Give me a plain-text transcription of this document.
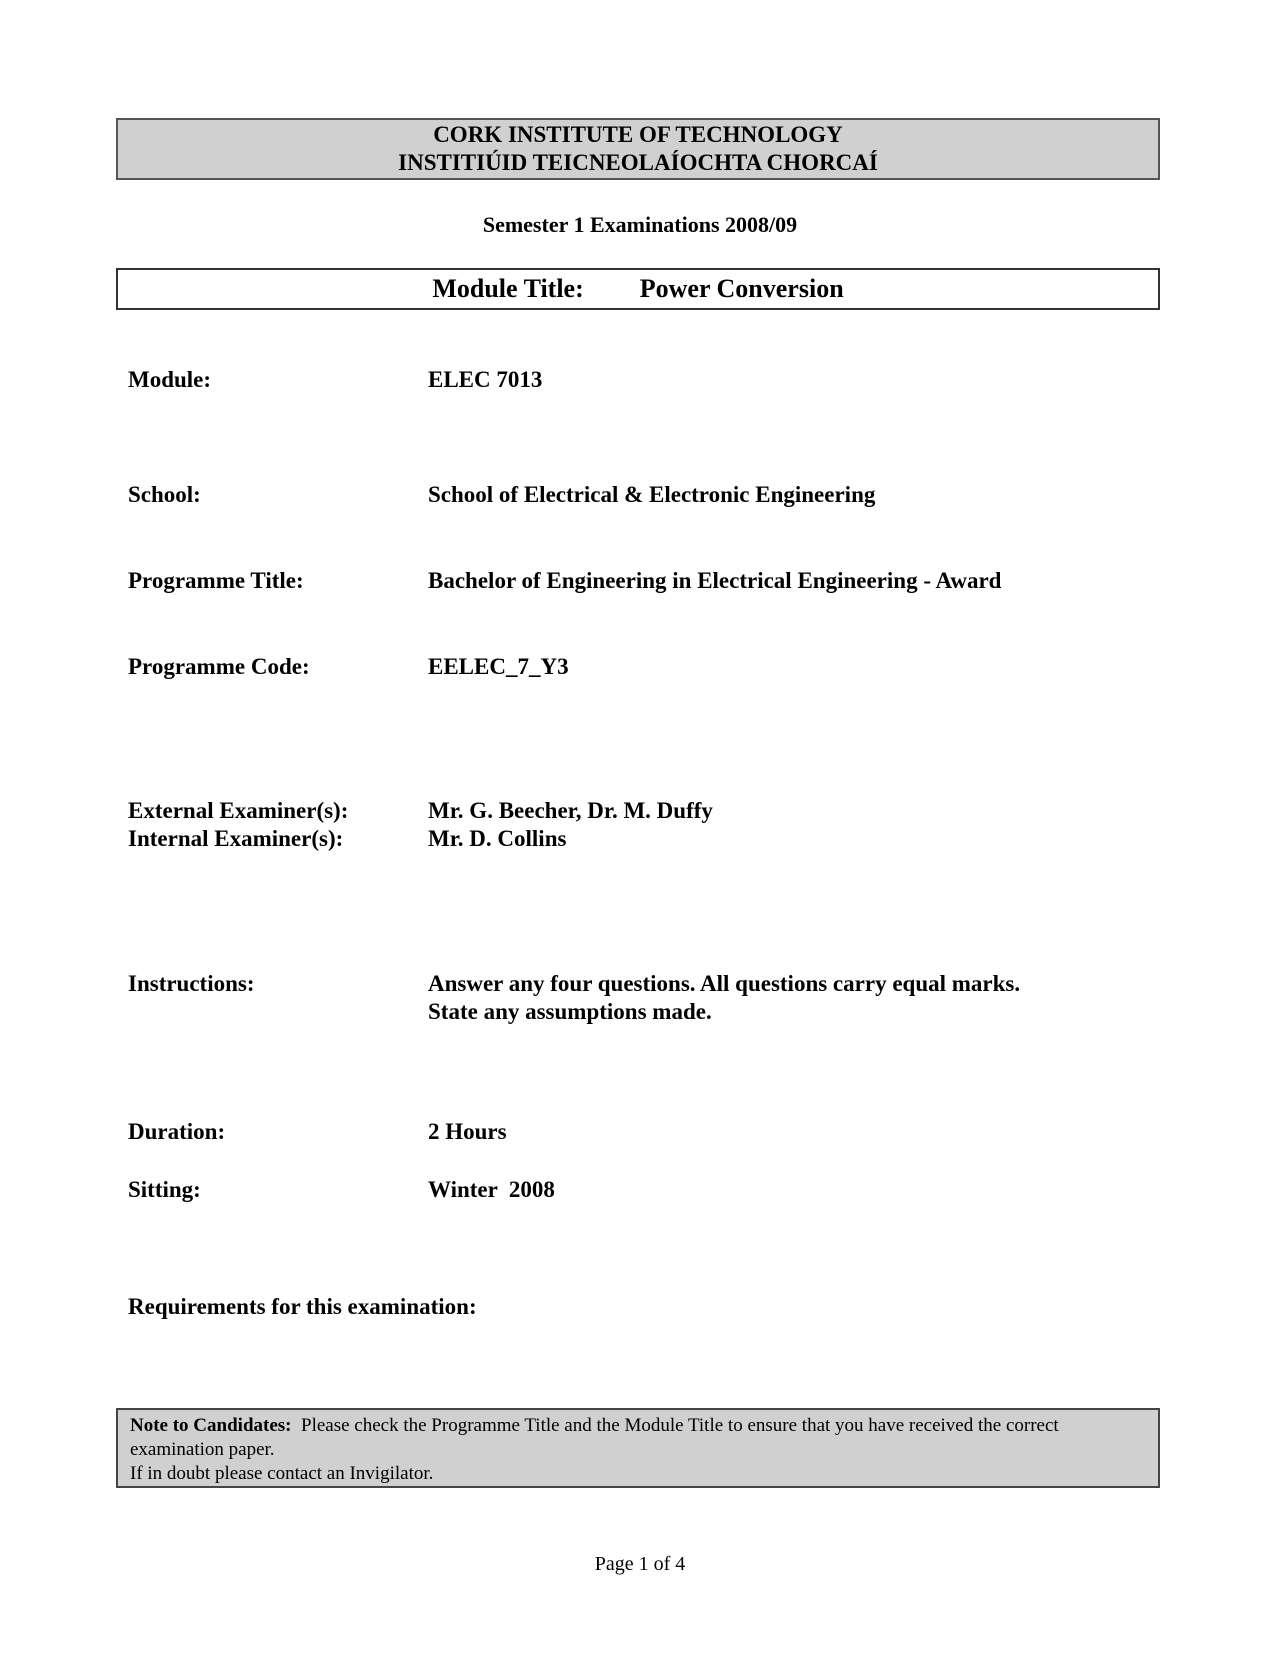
CORK INSTITUTE OF TECHNOLOGY
INSTITIÚID TEICNEOLAÍOCHTA CHORCAÍ
Semester 1 Examinations 2008/09
Module Title: Power Conversion
Module:	ELEC 7013
School:	School of Electrical & Electronic Engineering
Programme Title:	Bachelor of Engineering in Electrical Engineering - Award
Programme Code:	EELEC_7_Y3
External Examiner(s):	Mr. G. Beecher, Dr. M. Duffy
Internal Examiner(s):	Mr. D. Collins
Instructions:	Answer any four questions. All questions carry equal marks.
State any assumptions made.
Duration:	2 Hours
Sitting:	Winter  2008
Requirements for this examination:
Note to Candidates: Please check the Programme Title and the Module Title to ensure that you have received the correct examination paper.
If in doubt please contact an Invigilator.
Page 1 of 4
